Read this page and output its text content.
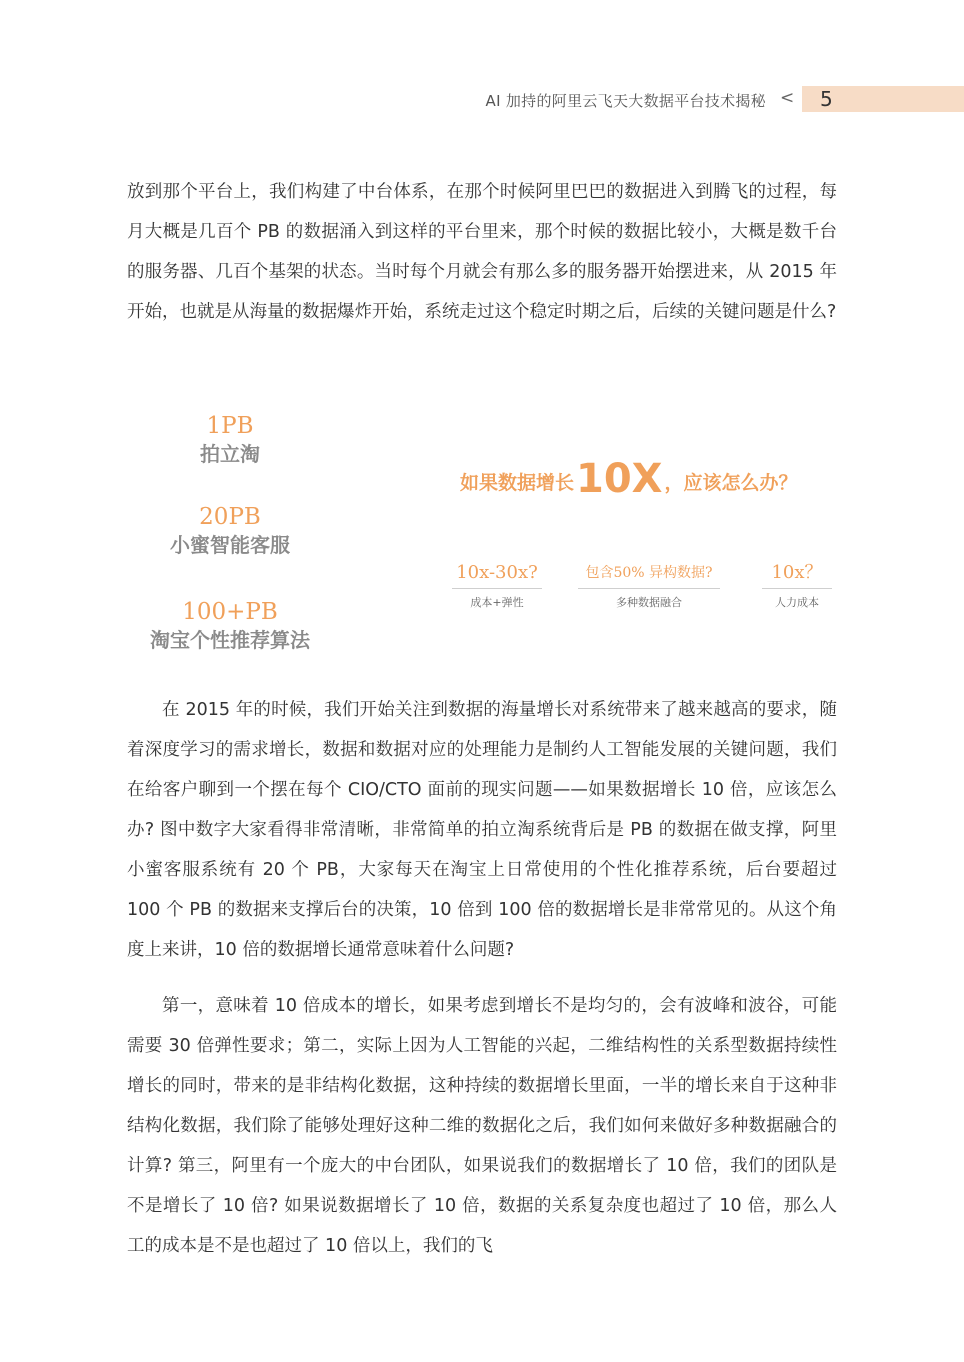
AI 加持的阿里云飞天大数据平台技术揭秘 < 5

放到那个平台上，我们构建了中台体系，在那个时候阿里巴巴的数据进入到腾飞的过程，每月大概是几百个 PB 的数据涌入到这样的平台里来，那个时候的数据比较小，大概是数千台的服务器、几百个基架的状态。当时每个月就会有那么多的服务器开始摆进来，从 2015 年开始，也就是从海量的数据爆炸开始，系统走过这个稳定时期之后，后续的关键问题是什么?

1PB
拍立淘
20PB
小蜜智能客服
100+PB
淘宝个性推荐算法
如果数据增长10X ，应该怎么办？
10x-30x?
成本+弹性
包含50% 异构数据?
多种数据融合
10x？
人力成本

在 2015 年的时候，我们开始关注到数据的海量增长对系统带来了越来越高的要求，随着深度学习的需求增长，数据和数据对应的处理能力是制约人工智能发展的关键问题，我们在给客户聊到一个摆在每个 CIO/CTO 面前的现实问题——如果数据增长 10 倍，应该怎么办? 图中数字大家看得非常清晰，非常简单的拍立淘系统背后是 PB 的数据在做支撑，阿里小蜜客服系统有 20 个 PB，大家每天在淘宝上日常使用的个性化推荐系统，后台要超过 100 个 PB 的数据来支撑后台的决策，10 倍到 100 倍的数据增长是非常常见的。从这个角度上来讲，10 倍的数据增长通常意味着什么问题?

第一，意味着 10 倍成本的增长，如果考虑到增长不是均匀的，会有波峰和波谷，可能需要 30 倍弹性要求；第二，实际上因为人工智能的兴起，二维结构性的关系型数据持续性增长的同时，带来的是非结构化数据，这种持续的数据增长里面，一半的增长来自于这种非结构化数据，我们除了能够处理好这种二维的数据化之后，我们如何来做好多种数据融合的计算? 第三，阿里有一个庞大的中台团队，如果说我们的数据增长了 10 倍，我们的团队是不是增长了 10 倍? 如果说数据增长了 10 倍，数据的关系复杂度也超过了 10 倍，那么人工的成本是不是也超过了 10 倍以上，我们的飞
